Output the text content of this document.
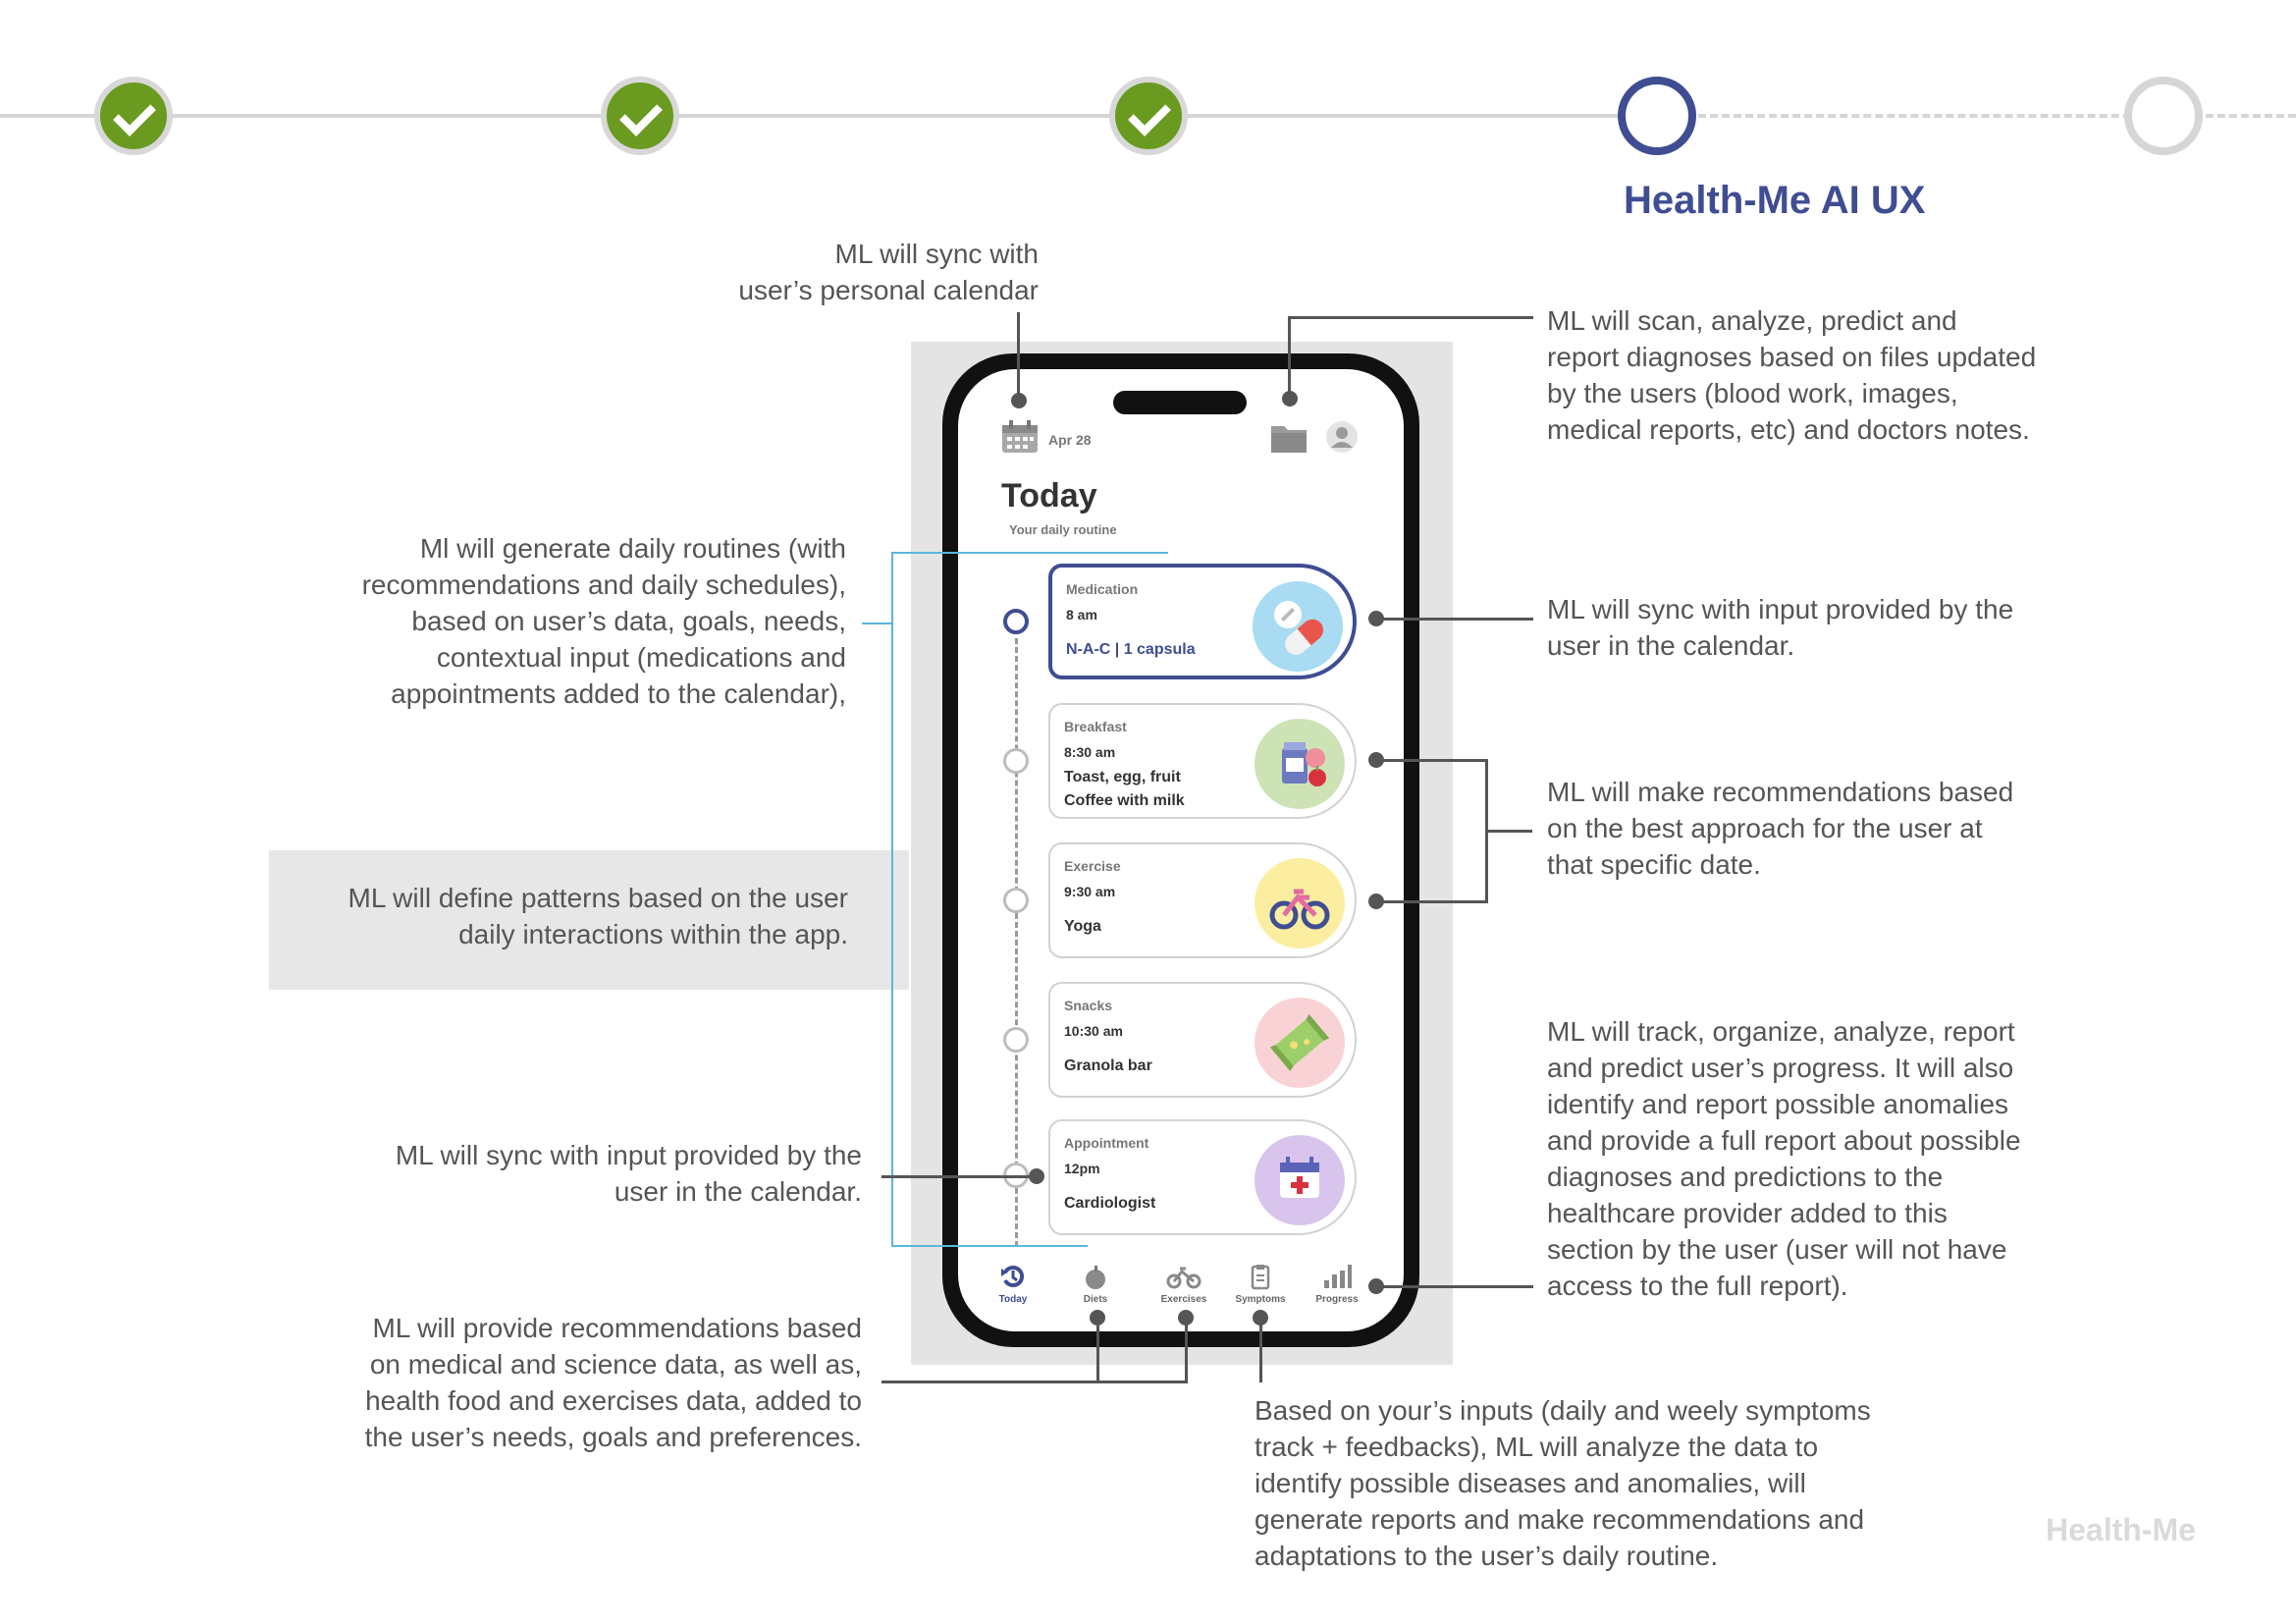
Health-Me AI UX
Apr 28
Today
Your daily routine
Medication
8 am
N-A-C | 1 capsula
Breakfast
8:30 am
Toast, egg, fruit
Coffee with milk
Exercise
9:30 am
Yoga
Snacks
10:30 am
Granola bar
Appointment
12pm
Cardiologist
Today	Diets	Exercises	Symptoms	Progress
ML will sync with
user’s personal calendar
ML will scan, analyze, predict and
report diagnoses based on files updated
by the users (blood work, images,
medical reports, etc) and doctors notes.
Ml will generate daily routines (with
recommendations and daily schedules),
based on user’s data, goals, needs,
contextual input (medications and
appointments added to the calendar),
ML will sync with input provided by the
user in the calendar.
ML will make recommendations based
on the best approach for the user at
that specific date.
ML will define patterns based on the user
daily interactions within the app.
ML will track, organize, analyze, report
and predict user’s progress. It will also
identify and report possible anomalies
and provide a full report about possible
diagnoses and predictions to the
healthcare provider added to this
section by the user (user will not have
access to the full report).
ML will sync with input provided by the
user in the calendar.
ML will provide recommendations based
on medical and science data, as well as,
health food and exercises data, added to
the user’s needs, goals and preferences.
Based on your’s inputs (daily and weely symptoms
track + feedbacks), ML will analyze the data to
identify possible diseases and anomalies, will
generate reports and make recommendations and
adaptations to the user’s daily routine.
Health-Me
